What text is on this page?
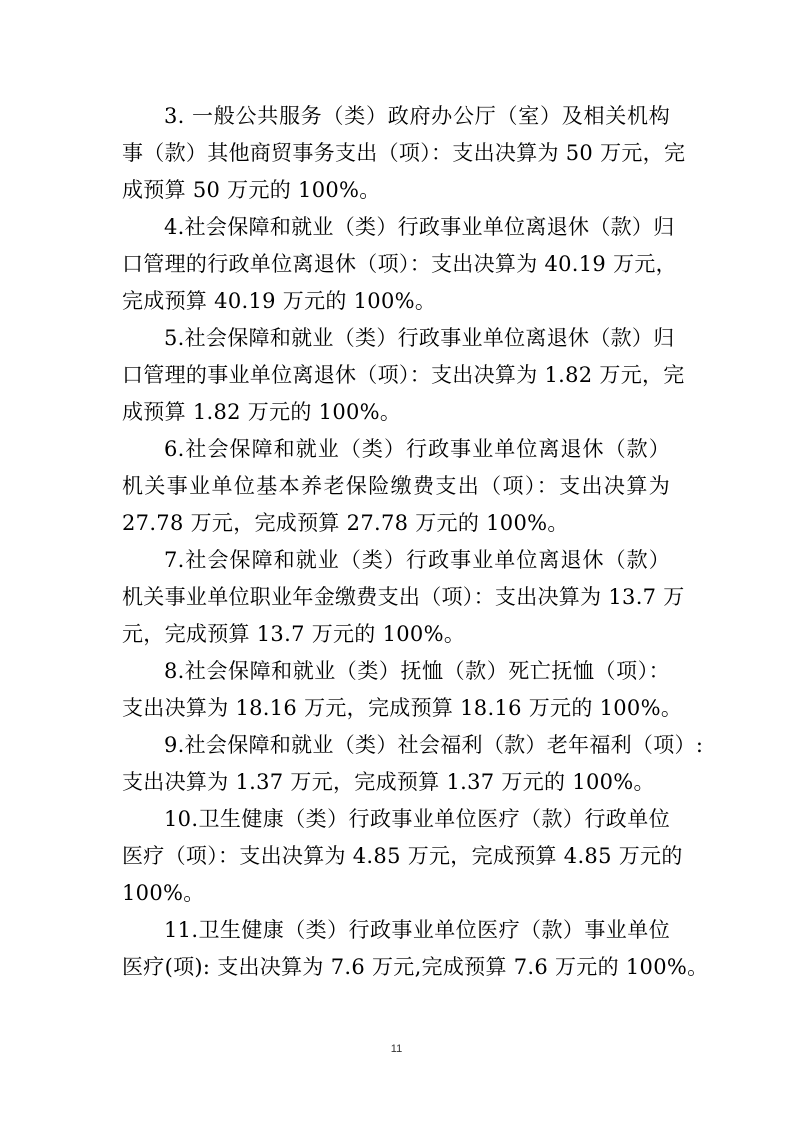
3. 一般公共服务（类）政府办公厅（室）及相关机构
事（款）其他商贸事务支出（项）：支出决算为 50 万元，完
成预算 50 万元的 100%。
4.社会保障和就业（类）行政事业单位离退休（款）归
口管理的行政单位离退休（项）：支出决算为 40.19 万元，
完成预算 40.19 万元的 100%。
5.社会保障和就业（类）行政事业单位离退休（款）归
口管理的事业单位离退休（项）：支出决算为 1.82 万元，完
成预算 1.82 万元的 100%。
6.社会保障和就业（类）行政事业单位离退休（款）
机关事业单位基本养老保险缴费支出（项）：支出决算为
27.78 万元，完成预算 27.78 万元的 100%。
7.社会保障和就业（类）行政事业单位离退休（款）
机关事业单位职业年金缴费支出（项）：支出决算为 13.7 万
元，完成预算 13.7 万元的 100%。
8.社会保障和就业（类）抚恤（款）死亡抚恤（项）：
支出决算为 18.16 万元，完成预算 18.16 万元的 100%。
9.社会保障和就业（类）社会福利（款）老年福利（项）:
支出决算为 1.37 万元，完成预算 1.37 万元的 100%。
10.卫生健康（类）行政事业单位医疗（款）行政单位
医疗（项）：支出决算为 4.85 万元，完成预算 4.85 万元的
100%。
11.卫生健康（类）行政事业单位医疗（款）事业单位
医疗(项): 支出决算为 7.6 万元,完成预算 7.6 万元的 100%。
11
